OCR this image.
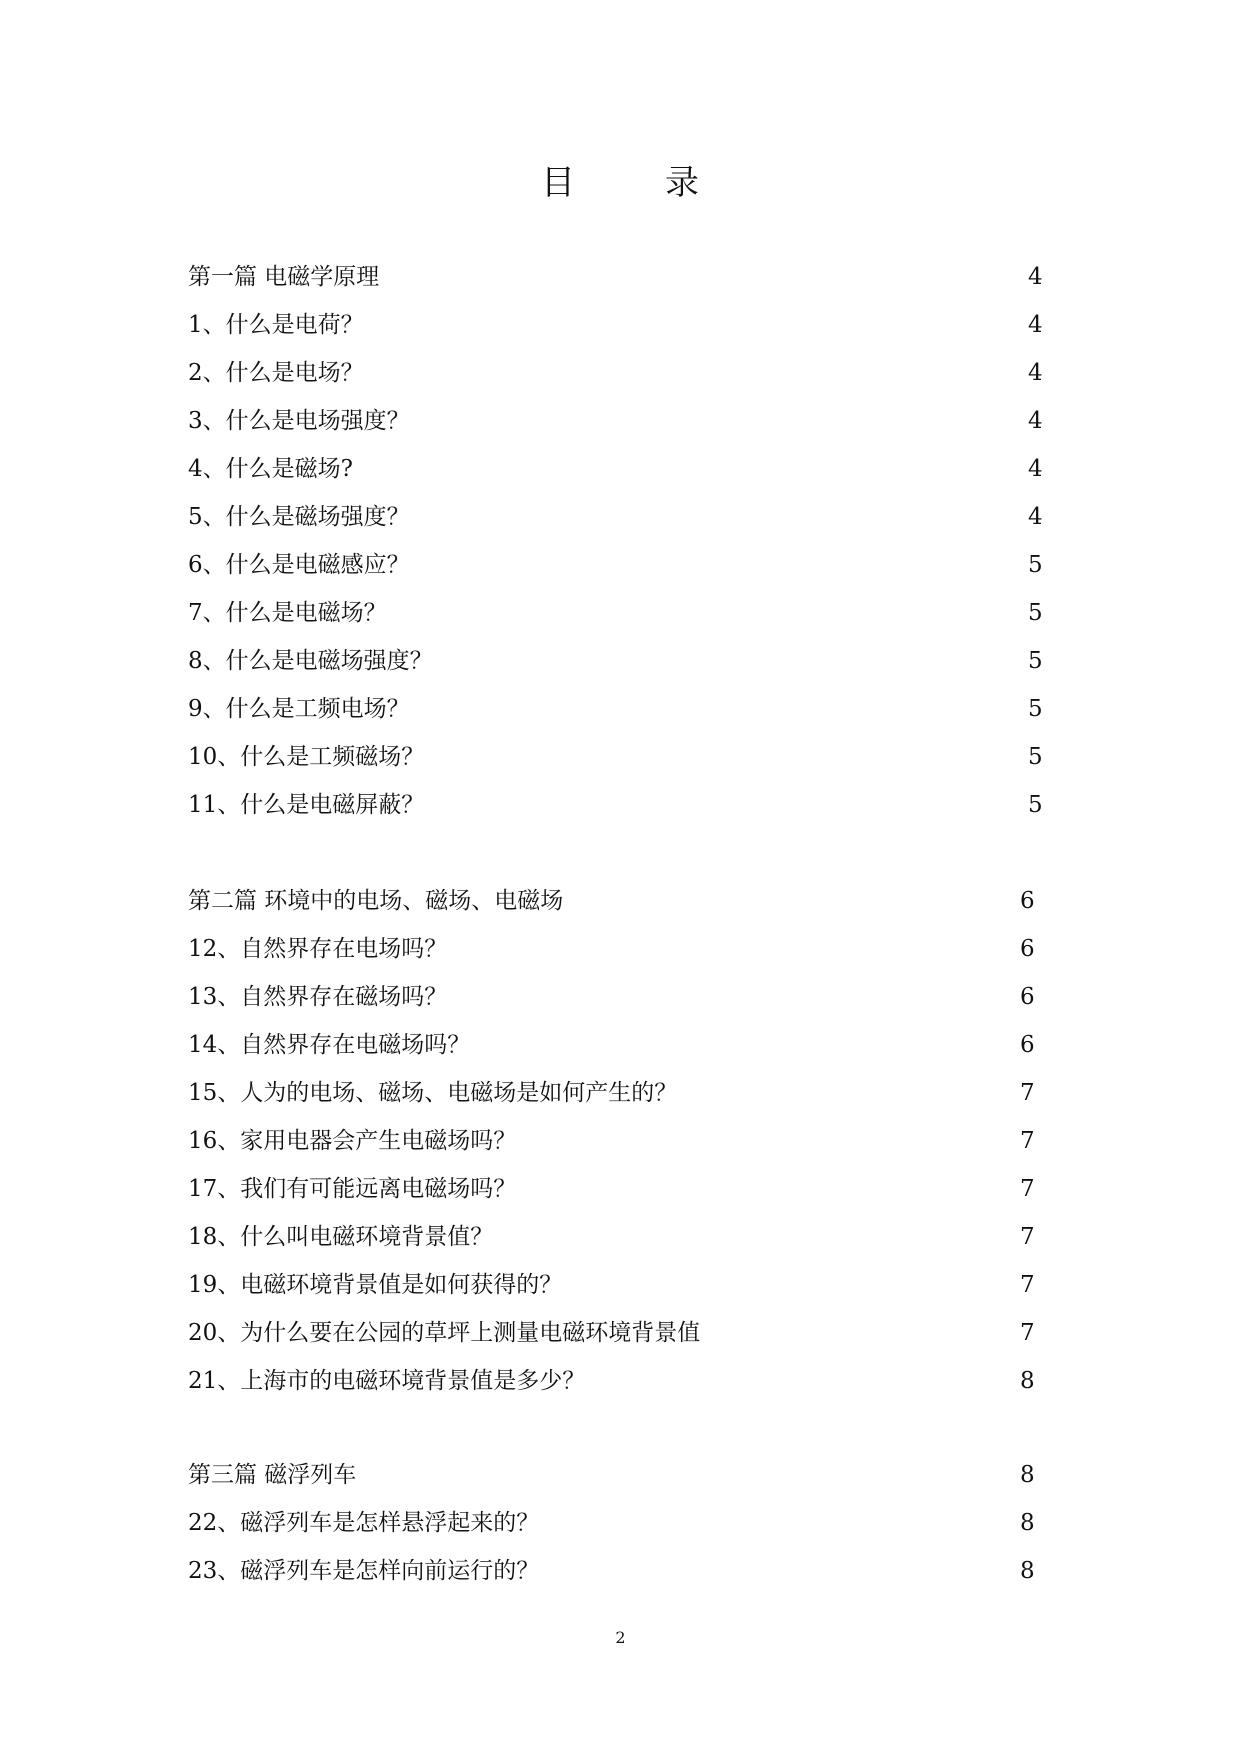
目	录
第一篇 电磁学原理	4
1、什么是电荷？	4
2、什么是电场？	4
3、什么是电场强度？	4
4、什么是磁场?	4
5、什么是磁场强度？	4
6、什么是电磁感应？	5
7、什么是电磁场？	5
8、什么是电磁场强度？	5
9、什么是工频电场？	5
10、什么是工频磁场？	5
11、什么是电磁屏蔽？	5
第二篇 环境中的电场、磁场、电磁场	6
12、自然界存在电场吗？	6
13、自然界存在磁场吗？	6
14、自然界存在电磁场吗？	6
15、人为的电场、磁场、电磁场是如何产生的？	7
16、家用电器会产生电磁场吗？	7
17、我们有可能远离电磁场吗？	7
18、什么叫电磁环境背景值？	7
19、电磁环境背景值是如何获得的？	7
20、为什么要在公园的草坪上测量电磁环境背景值	7
21、上海市的电磁环境背景值是多少？	8
第三篇 磁浮列车	8
22、磁浮列车是怎样悬浮起来的？	8
23、磁浮列车是怎样向前运行的？	8
2
